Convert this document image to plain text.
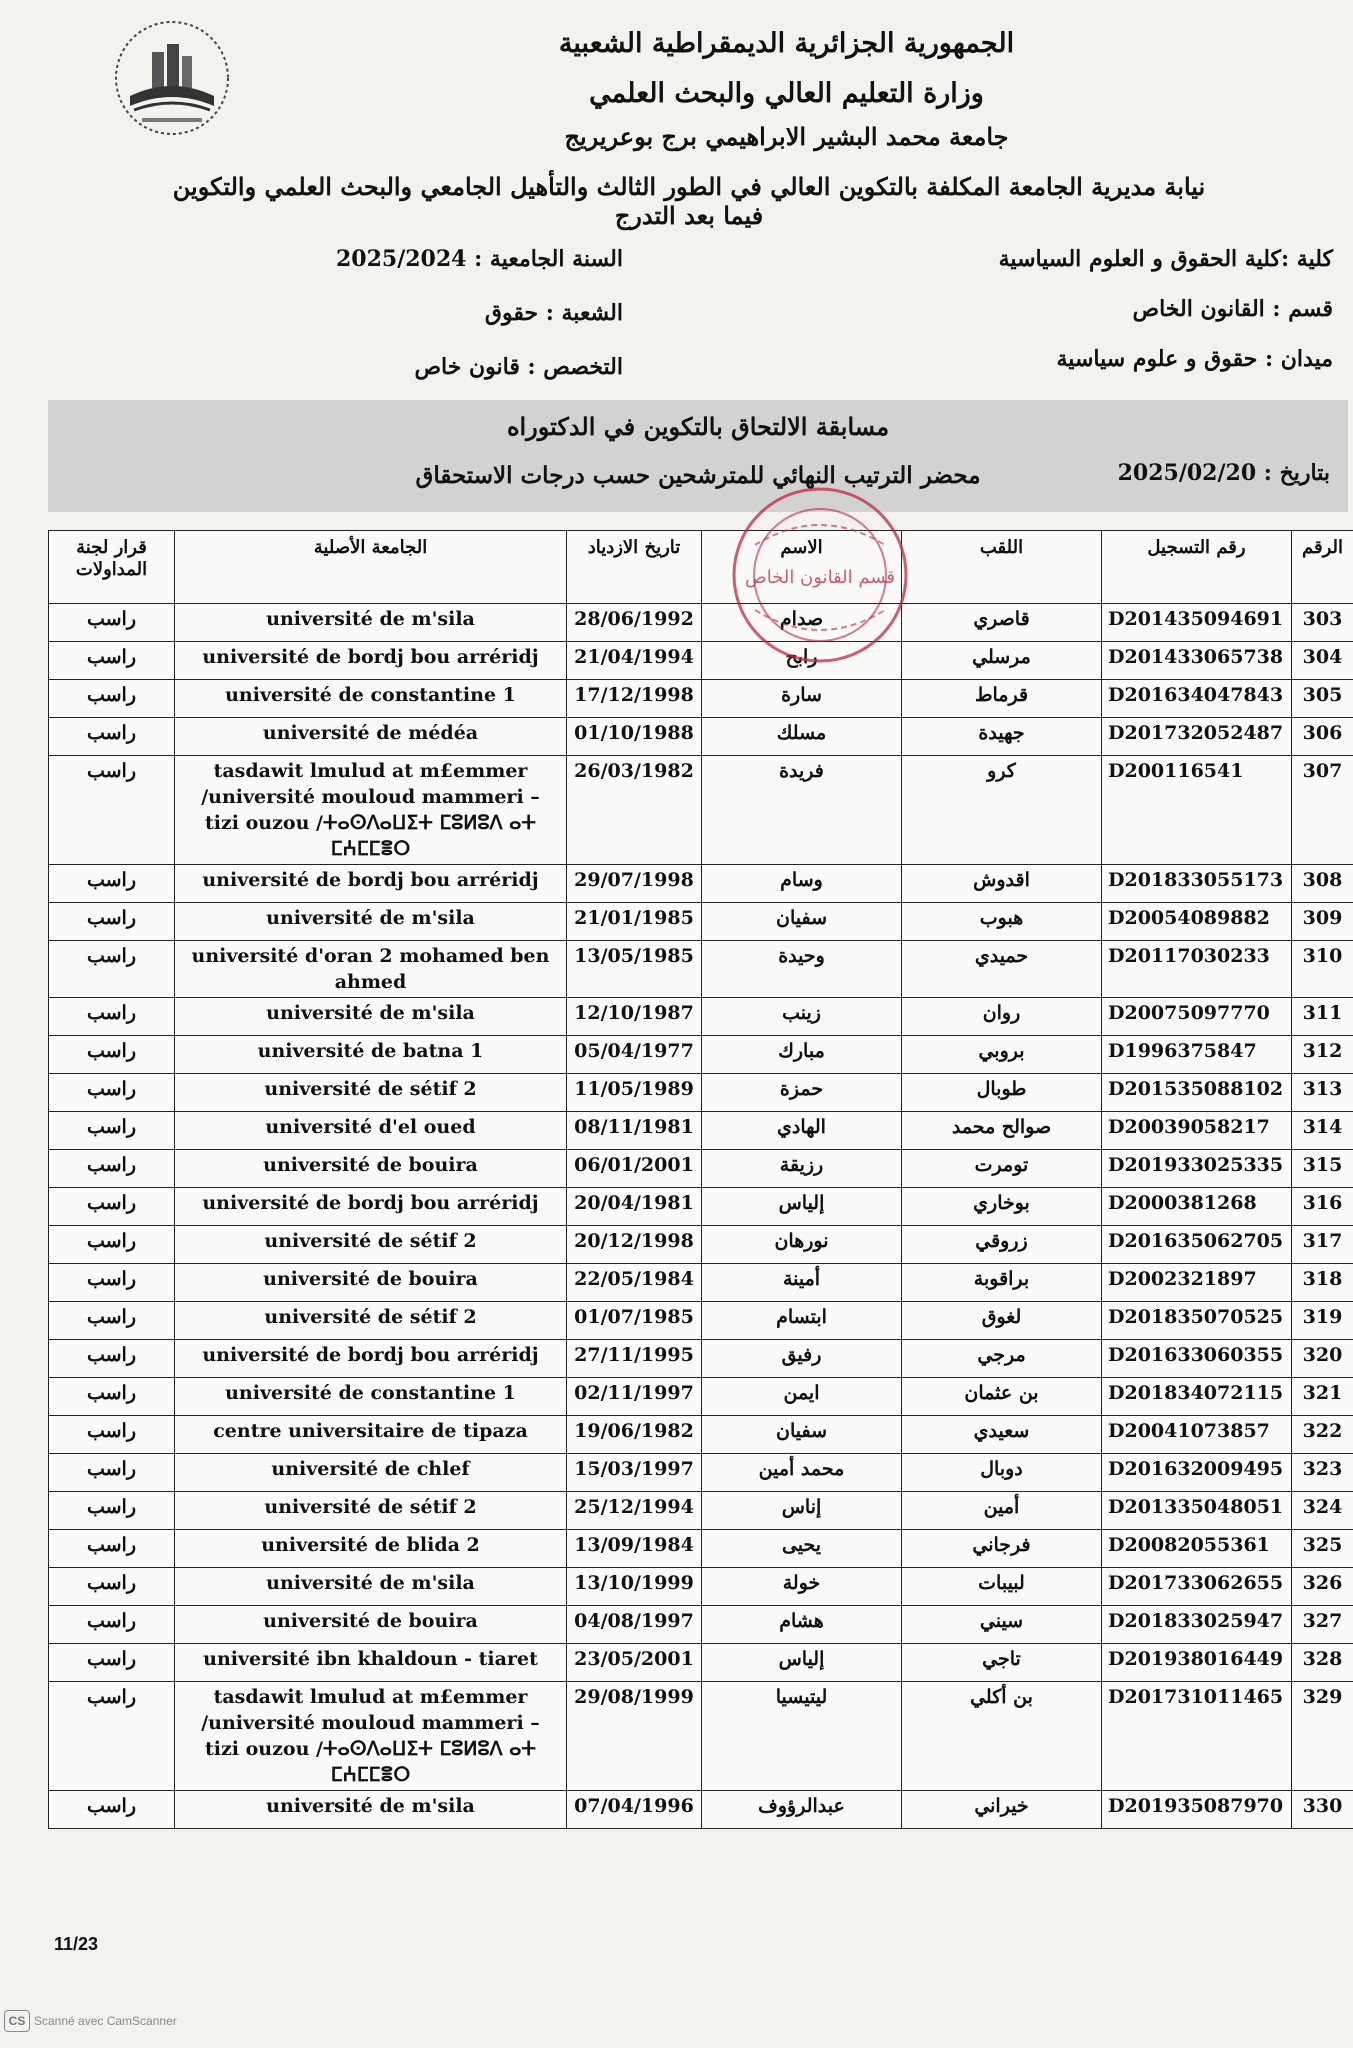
الجمهورية الجزائرية الديمقراطية الشعبية
وزارة التعليم العالي والبحث العلمي
جامعة محمد البشير الابراهيمي برج بوعريريج
نيابة مديرية الجامعة المكلفة بالتكوين العالي في الطور الثالث والتأهيل الجامعي والبحث العلمي والتكوين فيما بعد التدرج
كلية :كلية الحقوق و العلوم السياسية
قسم : القانون الخاص
ميدان : حقوق و علوم سياسية
السنة الجامعية : 2025/2024
الشعبة : حقوق
التخصص : قانون خاص
مسابقة الالتحاق بالتكوين في الدكتوراه
محضر الترتيب النهائي للمترشحين حسب درجات الاستحقاق	بتاريخ : 2025/02/20
الرقم	رقم التسجيل	اللقب	الاسم	تاريخ الازدياد	الجامعة الأصلية	قرار لجنة المداولات
303	D201435094691	قاصري	صدام	28/06/1992	université de m'sila	راسب
304	D201433065738	مرسلي	رابح	21/04/1994	université de bordj bou arréridj	راسب
305	D201634047843	قرماط	سارة	17/12/1998	université de constantine 1	راسب
306	D201732052487	جهيدة	مسلك	01/10/1988	université de médéa	راسب
307	D200116541	كرو	فريدة	26/03/1982	tasdawit lmulud at m£emmer /université mouloud mammeri – tizi ouzou /ⵜⴰⵙⴷⴰⵡⵉⵜ ⵎⵓⵍⵓⴷ ⴰⵜ ⵎⵄⵎⵎⴻⵔ	راسب
308	D201833055173	اقدوش	وسام	29/07/1998	université de bordj bou arréridj	راسب
309	D20054089882	هبوب	سفيان	21/01/1985	université de m'sila	راسب
310	D20117030233	حميدي	وحيدة	13/05/1985	université d'oran 2 mohamed ben ahmed	راسب
311	D20075097770	روان	زينب	12/10/1987	université de m'sila	راسب
312	D1996375847	بروبي	مبارك	05/04/1977	université de batna 1	راسب
313	D201535088102	طوبال	حمزة	11/05/1989	université de sétif 2	راسب
314	D20039058217	صوالح محمد	الهادي	08/11/1981	université d'el oued	راسب
315	D201933025335	تومرت	رزيقة	06/01/2001	université de bouira	راسب
316	D2000381268	بوخاري	إلياس	20/04/1981	université de bordj bou arréridj	راسب
317	D201635062705	زروقي	نورهان	20/12/1998	université de sétif 2	راسب
318	D2002321897	براقوبة	أمينة	22/05/1984	université de bouira	راسب
319	D201835070525	لغوق	ابتسام	01/07/1985	université de sétif 2	راسب
320	D201633060355	مرجي	رفيق	27/11/1995	université de bordj bou arréridj	راسب
321	D201834072115	بن عثمان	ايمن	02/11/1997	université de constantine 1	راسب
322	D20041073857	سعيدي	سفيان	19/06/1982	centre universitaire de tipaza	راسب
323	D201632009495	دوبال	محمد أمين	15/03/1997	université de chlef	راسب
324	D201335048051	أمين	إناس	25/12/1994	université de sétif 2	راسب
325	D20082055361	فرجاني	يحيى	13/09/1984	université de blida 2	راسب
326	D201733062655	لبيبات	خولة	13/10/1999	université de m'sila	راسب
327	D201833025947	سيني	هشام	04/08/1997	université de bouira	راسب
328	D201938016449	تاجي	إلياس	23/05/2001	université ibn khaldoun - tiaret	راسب
329	D201731011465	بن أكلي	ليتيسيا	29/08/1999	tasdawit lmulud at m£emmer /université mouloud mammeri – tizi ouzou /ⵜⴰⵙⴷⴰⵡⵉⵜ ⵎⵓⵍⵓⴷ ⴰⵜ ⵎⵄⵎⵎⴻⵔ	راسب
330	D201935087970	خيراني	عبدالرؤوف	07/04/1996	université de m'sila	راسب
قسم القانون الخاص
11/23
CS Scanné avec CamScanner
